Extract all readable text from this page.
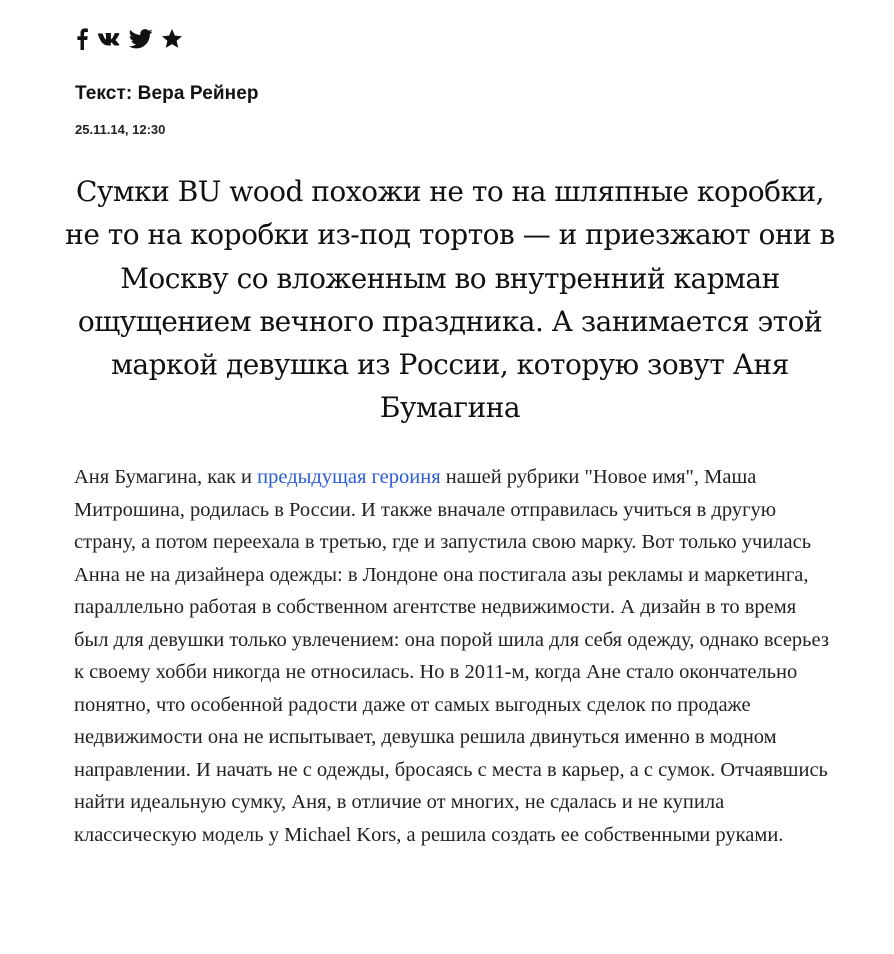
Текст: Вера Рейнер
25.11.14, 12:30
Сумки BU wood похожи не то на шляпные коробки, не то на коробки из-под тортов — и приезжают они в Москву со вложенным во внутренний карман ощущением вечного праздника. А занимается этой маркой девушка из России, которую зовут Аня Бумагина
Аня Бумагина, как и предыдущая героиня нашей рубрики "Новое имя", Маша Митрошина, родилась в России. И также вначале отправилась учиться в другую страну, а потом переехала в третью, где и запустила свою марку. Вот только училась Анна не на дизайнера одежды: в Лондоне она постигала азы рекламы и маркетинга, параллельно работая в собственном агентстве недвижимости. А дизайн в то время был для девушки только увлечением: она порой шила для себя одежду, однако всерьез к своему хобби никогда не относилась. Но в 2011-м, когда Ане стало окончательно понятно, что особенной радости даже от самых выгодных сделок по продаже недвижимости она не испытывает, девушка решила двинуться именно в модном направлении. И начать не с одежды, бросаясь с места в карьер, а с сумок. Отчаявшись найти идеальную сумку, Аня, в отличие от многих, не сдалась и не купила классическую модель у Michael Kors, а решила создать ее собственными руками.
